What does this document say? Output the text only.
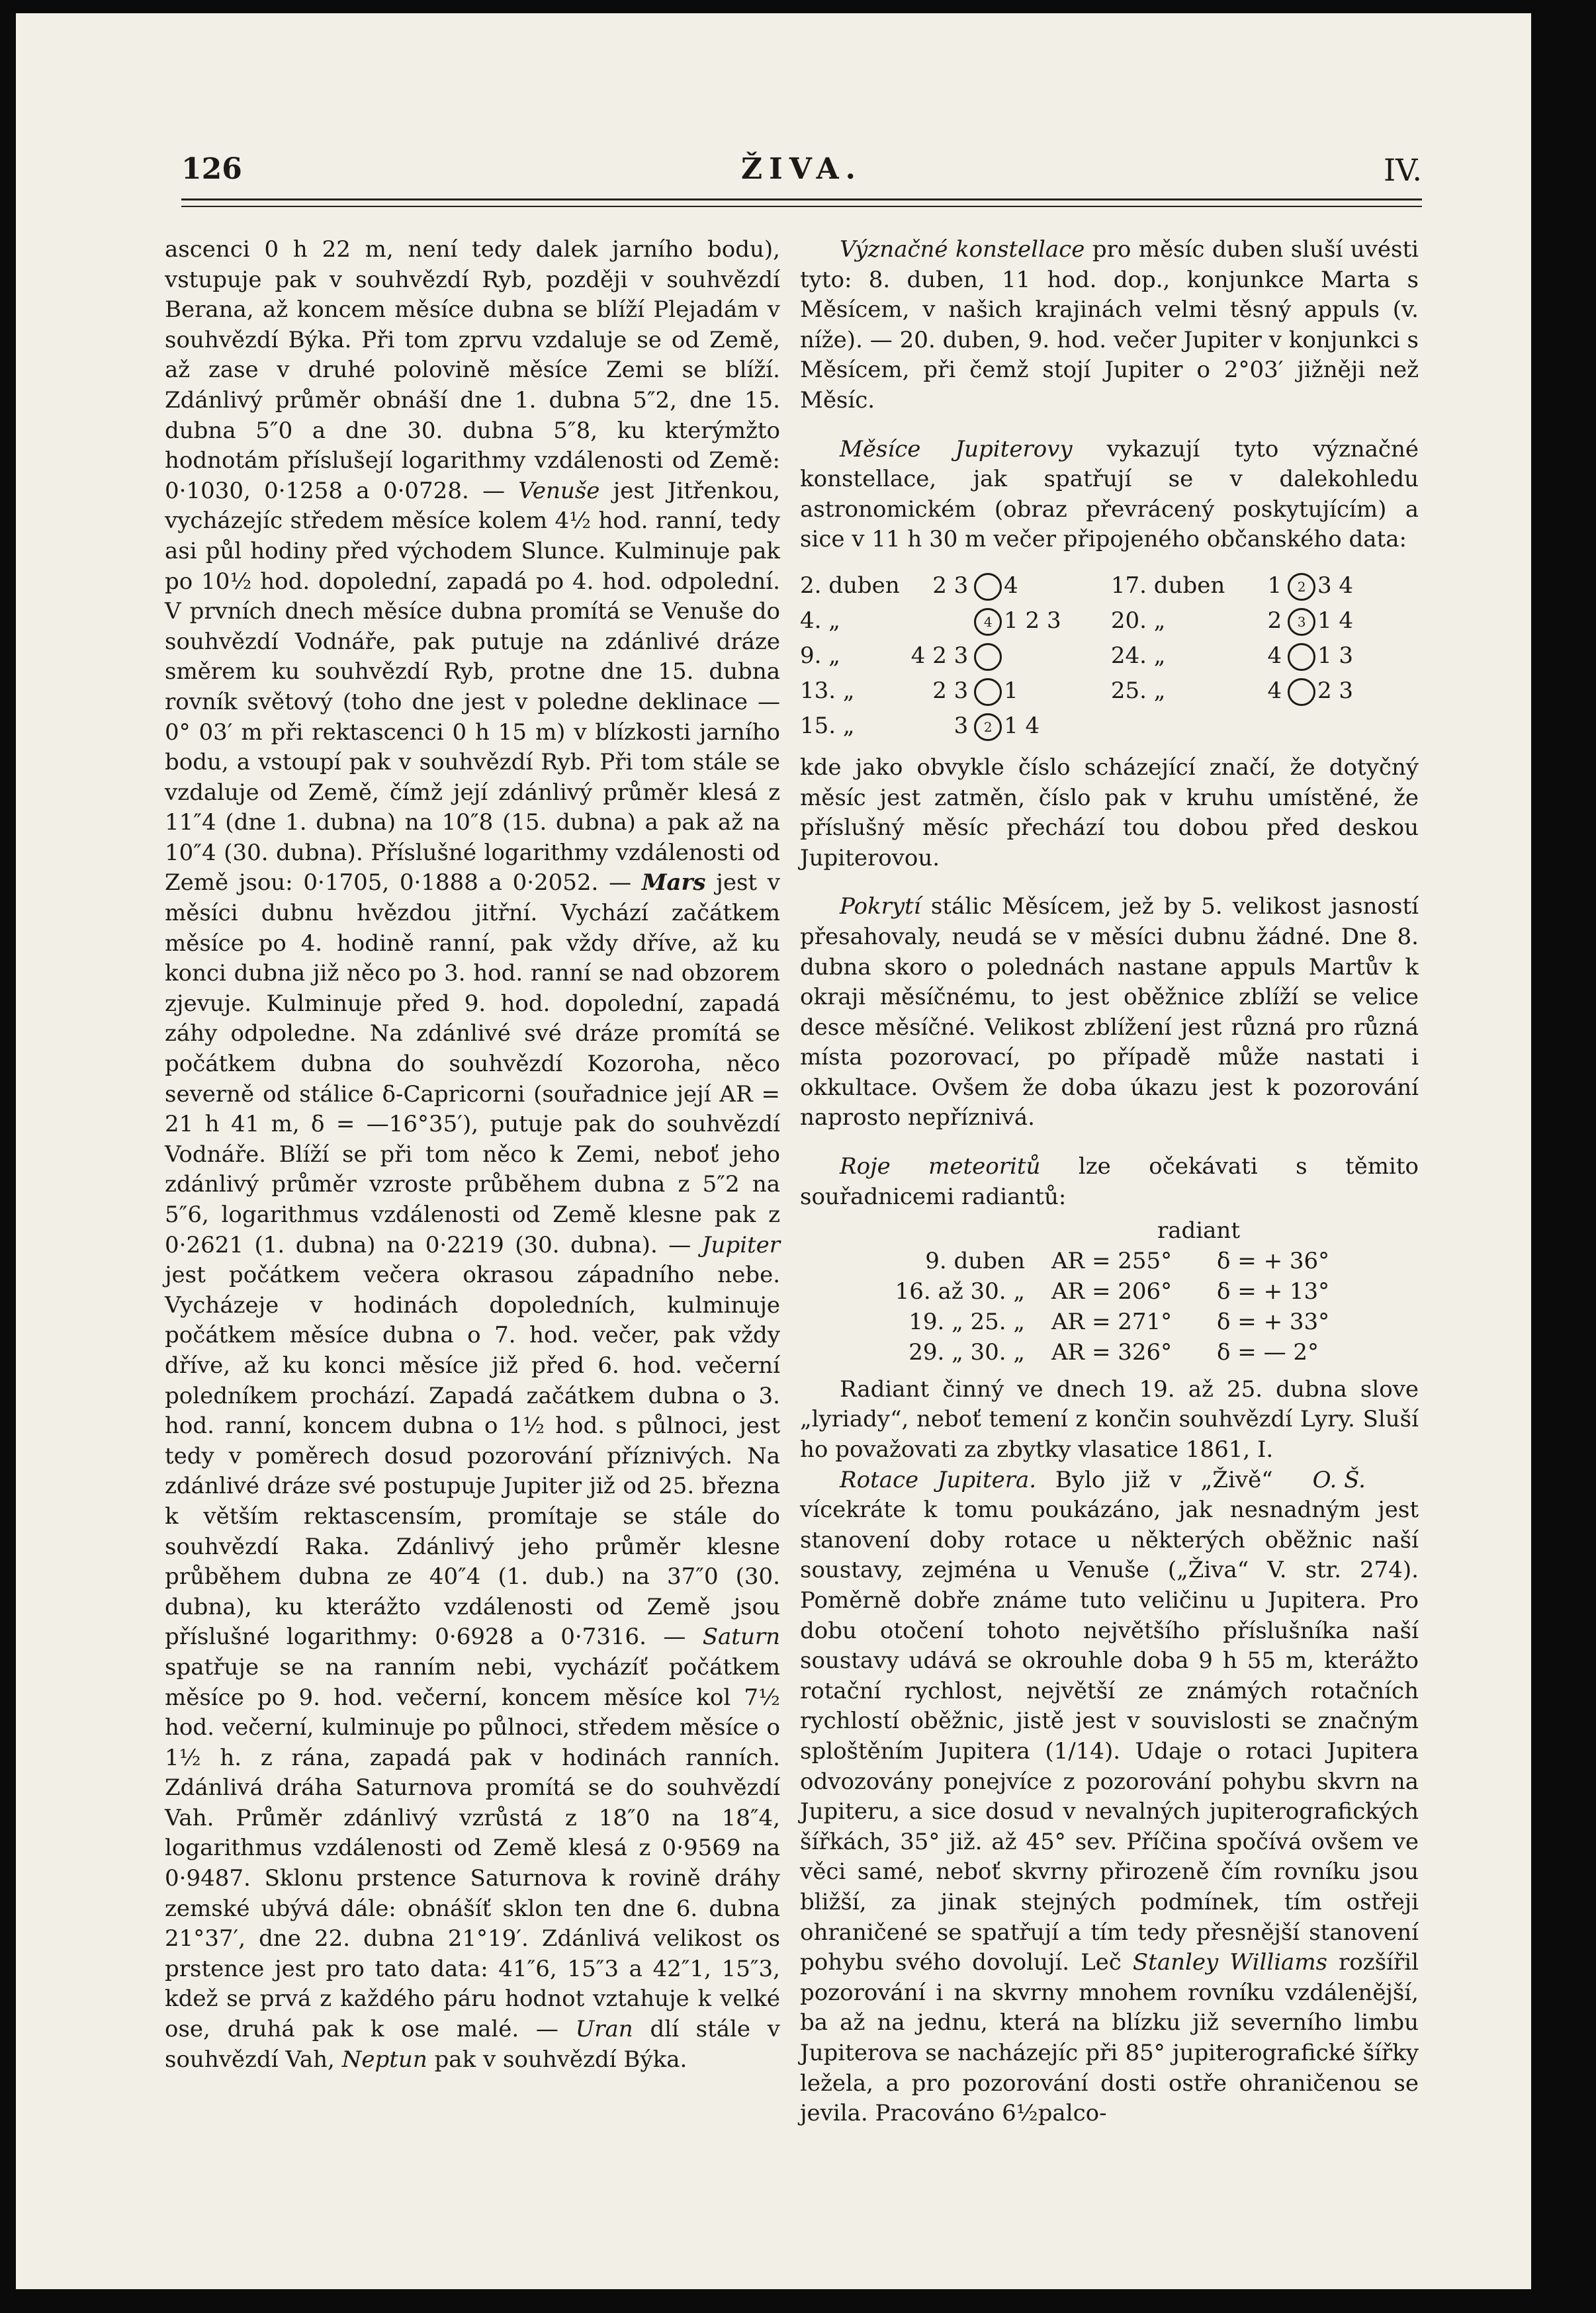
126	ŽIVA.	IV.

ascenci 0 h 22 m, není tedy dalek jarního bodu), vstupuje pak v souhvězdí Ryb, později v souhvězdí Berana, až koncem měsíce dubna se blíží Plejadám v souhvězdí Býka. Při tom zprvu vzdaluje se od Země, až zase v druhé polovině měsíce Zemi se blíží. Zdánlivý průměr obnáší dne 1. dubna 5″2, dne 15. dubna 5″0 a dne 30. dubna 5″8, ku kterýmžto hodnotám příslušejí logarithmy vzdálenosti od Země: 0·1030, 0·1258 a 0·0728. — Venuše jest Jitřenkou, vycházejíc středem měsíce kolem 4½ hod. ranní, tedy asi půl hodiny před východem Slunce. Kulminuje pak po 10½ hod. dopolední, zapadá po 4. hod. odpolední. V prvních dnech měsíce dubna promítá se Venuše do souhvězdí Vodnáře, pak putuje na zdánlivé dráze směrem ku souhvězdí Ryb, protne dne 15. dubna rovník světový (toho dne jest v poledne deklinace — 0° 03′ m při rektascenci 0 h 15 m) v blízkosti jarního bodu, a vstoupí pak v souhvězdí Ryb. Při tom stále se vzdaluje od Země, čímž její zdánlivý průměr klesá z 11″4 (dne 1. dubna) na 10″8 (15. dubna) a pak až na 10″4 (30. dubna). Příslušné logarithmy vzdálenosti od Země jsou: 0·1705, 0·1888 a 0·2052. — Mars jest v měsíci dubnu hvězdou jitřní. Vychází začátkem měsíce po 4. hodině ranní, pak vždy dříve, až ku konci dubna již něco po 3. hod. ranní se nad obzorem zjevuje. Kulminuje před 9. hod. dopolední, zapadá záhy odpoledne. Na zdánlivé své dráze promítá se počátkem dubna do souhvězdí Kozoroha, něco severně od stálice δ-Capricorni (souřadnice její AR = 21 h 41 m, δ = —16°35′), putuje pak do souhvězdí Vodnáře. Blíží se při tom něco k Zemi, neboť jeho zdánlivý průměr vzroste průběhem dubna z 5″2 na 5″6, logarithmus vzdálenosti od Země klesne pak z 0·2621 (1. dubna) na 0·2219 (30. dubna). — Jupiter jest počátkem večera okrasou západního nebe. Vycházeje v hodinách dopoledních, kulminuje počátkem měsíce dubna o 7. hod. večer, pak vždy dříve, až ku konci měsíce již před 6. hod. večerní poledníkem prochází. Zapadá začátkem dubna o 3. hod. ranní, koncem dubna o 1½ hod. s půlnoci, jest tedy v poměrech dosud pozorování příznivých. Na zdánlivé dráze své postupuje Jupiter již od 25. března k větším rektascensím, promítaje se stále do souhvězdí Raka. Zdánlivý jeho průměr klesne průběhem dubna ze 40″4 (1. dub.) na 37″0 (30. dubna), ku kterážto vzdálenosti od Země jsou příslušné logarithmy: 0·6928 a 0·7316. — Saturn spatřuje se na ranním nebi, vycházíť počátkem měsíce po 9. hod. večerní, koncem měsíce kol 7½ hod. večerní, kulminuje po půlnoci, středem měsíce o 1½ h. z rána, zapadá pak v hodinách ranních. Zdánlivá dráha Saturnova promítá se do souhvězdí Vah. Průměr zdánlivý vzrůstá z 18″0 na 18″4, logarithmus vzdálenosti od Země klesá z 0·9569 na 0·9487. Sklonu prstence Saturnova k rovině dráhy zemské ubývá dále: obnášíť sklon ten dne 6. dubna 21°37′, dne 22. dubna 21°19′. Zdánlivá velikost os prstence jest pro tato data: 41″6, 15″3 a 42″1, 15″3, kdež se prvá z každého páru hodnot vztahuje k velké ose, druhá pak k ose malé. — Uran dlí stále v souhvězdí Vah, Neptun pak v souhvězdí Býka.

Význačné konstellace pro měsíc duben sluší uvésti tyto: 8. duben, 11 hod. dop., konjunkce Marta s Měsícem, v našich krajinách velmi těsný appuls (v. níže). — 20. duben, 9. hod. večer Jupiter v konjunkci s Měsícem, při čemž stojí Jupiter o 2°03′ jižněji než Měsíc.

Měsíce Jupiterovy vykazují tyto význačné konstellace, jak spatřují se v dalekohledu astronomickém (obraz převrácený poskytujícím) a sice v 11 h 30 m večer připojeného občanského data:

2. duben	2 3		4	17. duben	1	2	3 4
4. „		4	1 2 3	20. „	2	3	1 4
9. „	4 2 3			24. „	4		1 3
13. „	2 3		1	25. „	4		2 3
15. „	3	2	1 4				

kde jako obvykle číslo scházející značí, že dotyčný měsíc jest zatměn, číslo pak v kruhu umístěné, že příslušný měsíc přechází tou dobou před deskou Jupiterovou.

Pokrytí stálic Měsícem, jež by 5. velikost jasností přesahovaly, neudá se v měsíci dubnu žádné. Dne 8. dubna skoro o polednách nastane appuls Martův k okraji měsíčnému, to jest oběžnice zblíží se velice desce měsíčné. Velikost zblížení jest různá pro různá místa pozorovací, po případě může nastati i okkultace. Ovšem že doba úkazu jest k pozorování naprosto nepříznivá.

Roje meteoritů lze očekávati s těmito souřadnicemi radiantů:

radiant
9. duben	AR = 255°	δ = + 36°
16. až 30. „	AR = 206°	δ = + 13°
19. „ 25. „	AR = 271°	δ = + 33°
29. „ 30. „	AR = 326°	δ = — 2°

Radiant činný ve dnech 19. až 25. dubna slove „lyriady“, neboť temení z končin souhvězdí Lyry. Sluší ho považovati za zbytky vlasatice 1861, I.
O. Š.

Rotace Jupitera. Bylo již v „Živě“ vícekráte k tomu poukázáno, jak nesnadným jest stanovení doby rotace u některých oběžnic naší soustavy, zejména u Venuše („Živa“ V. str. 274). Poměrně dobře známe tuto veličinu u Jupitera. Pro dobu otočení tohoto největšího příslušníka naší soustavy udává se okrouhle doba 9 h 55 m, kterážto rotační rychlost, největší ze známých rotačních rychlostí oběžnic, jistě jest v souvislosti se značným sploštěním Jupitera (1/14). Udaje o rotaci Jupitera odvozovány ponejvíce z pozorování pohybu skvrn na Jupiteru, a sice dosud v nevalných jupiterografických šířkách, 35° již. až 45° sev. Příčina spočívá ovšem ve věci samé, neboť skvrny přirozeně čím rovníku jsou bližší, za jinak stejných podmínek, tím ostřeji ohraničené se spatřují a tím tedy přesnější stanovení pohybu svého dovolují. Leč Stanley Williams rozšířil pozorování i na skvrny mnohem rovníku vzdálenější, ba až na jednu, která na blízku již severního limbu Jupiterova se nacházejíc při 85° jupiterografické šířky ležela, a pro pozorování dosti ostře ohraničenou se jevila. Pracováno 6½palco-
